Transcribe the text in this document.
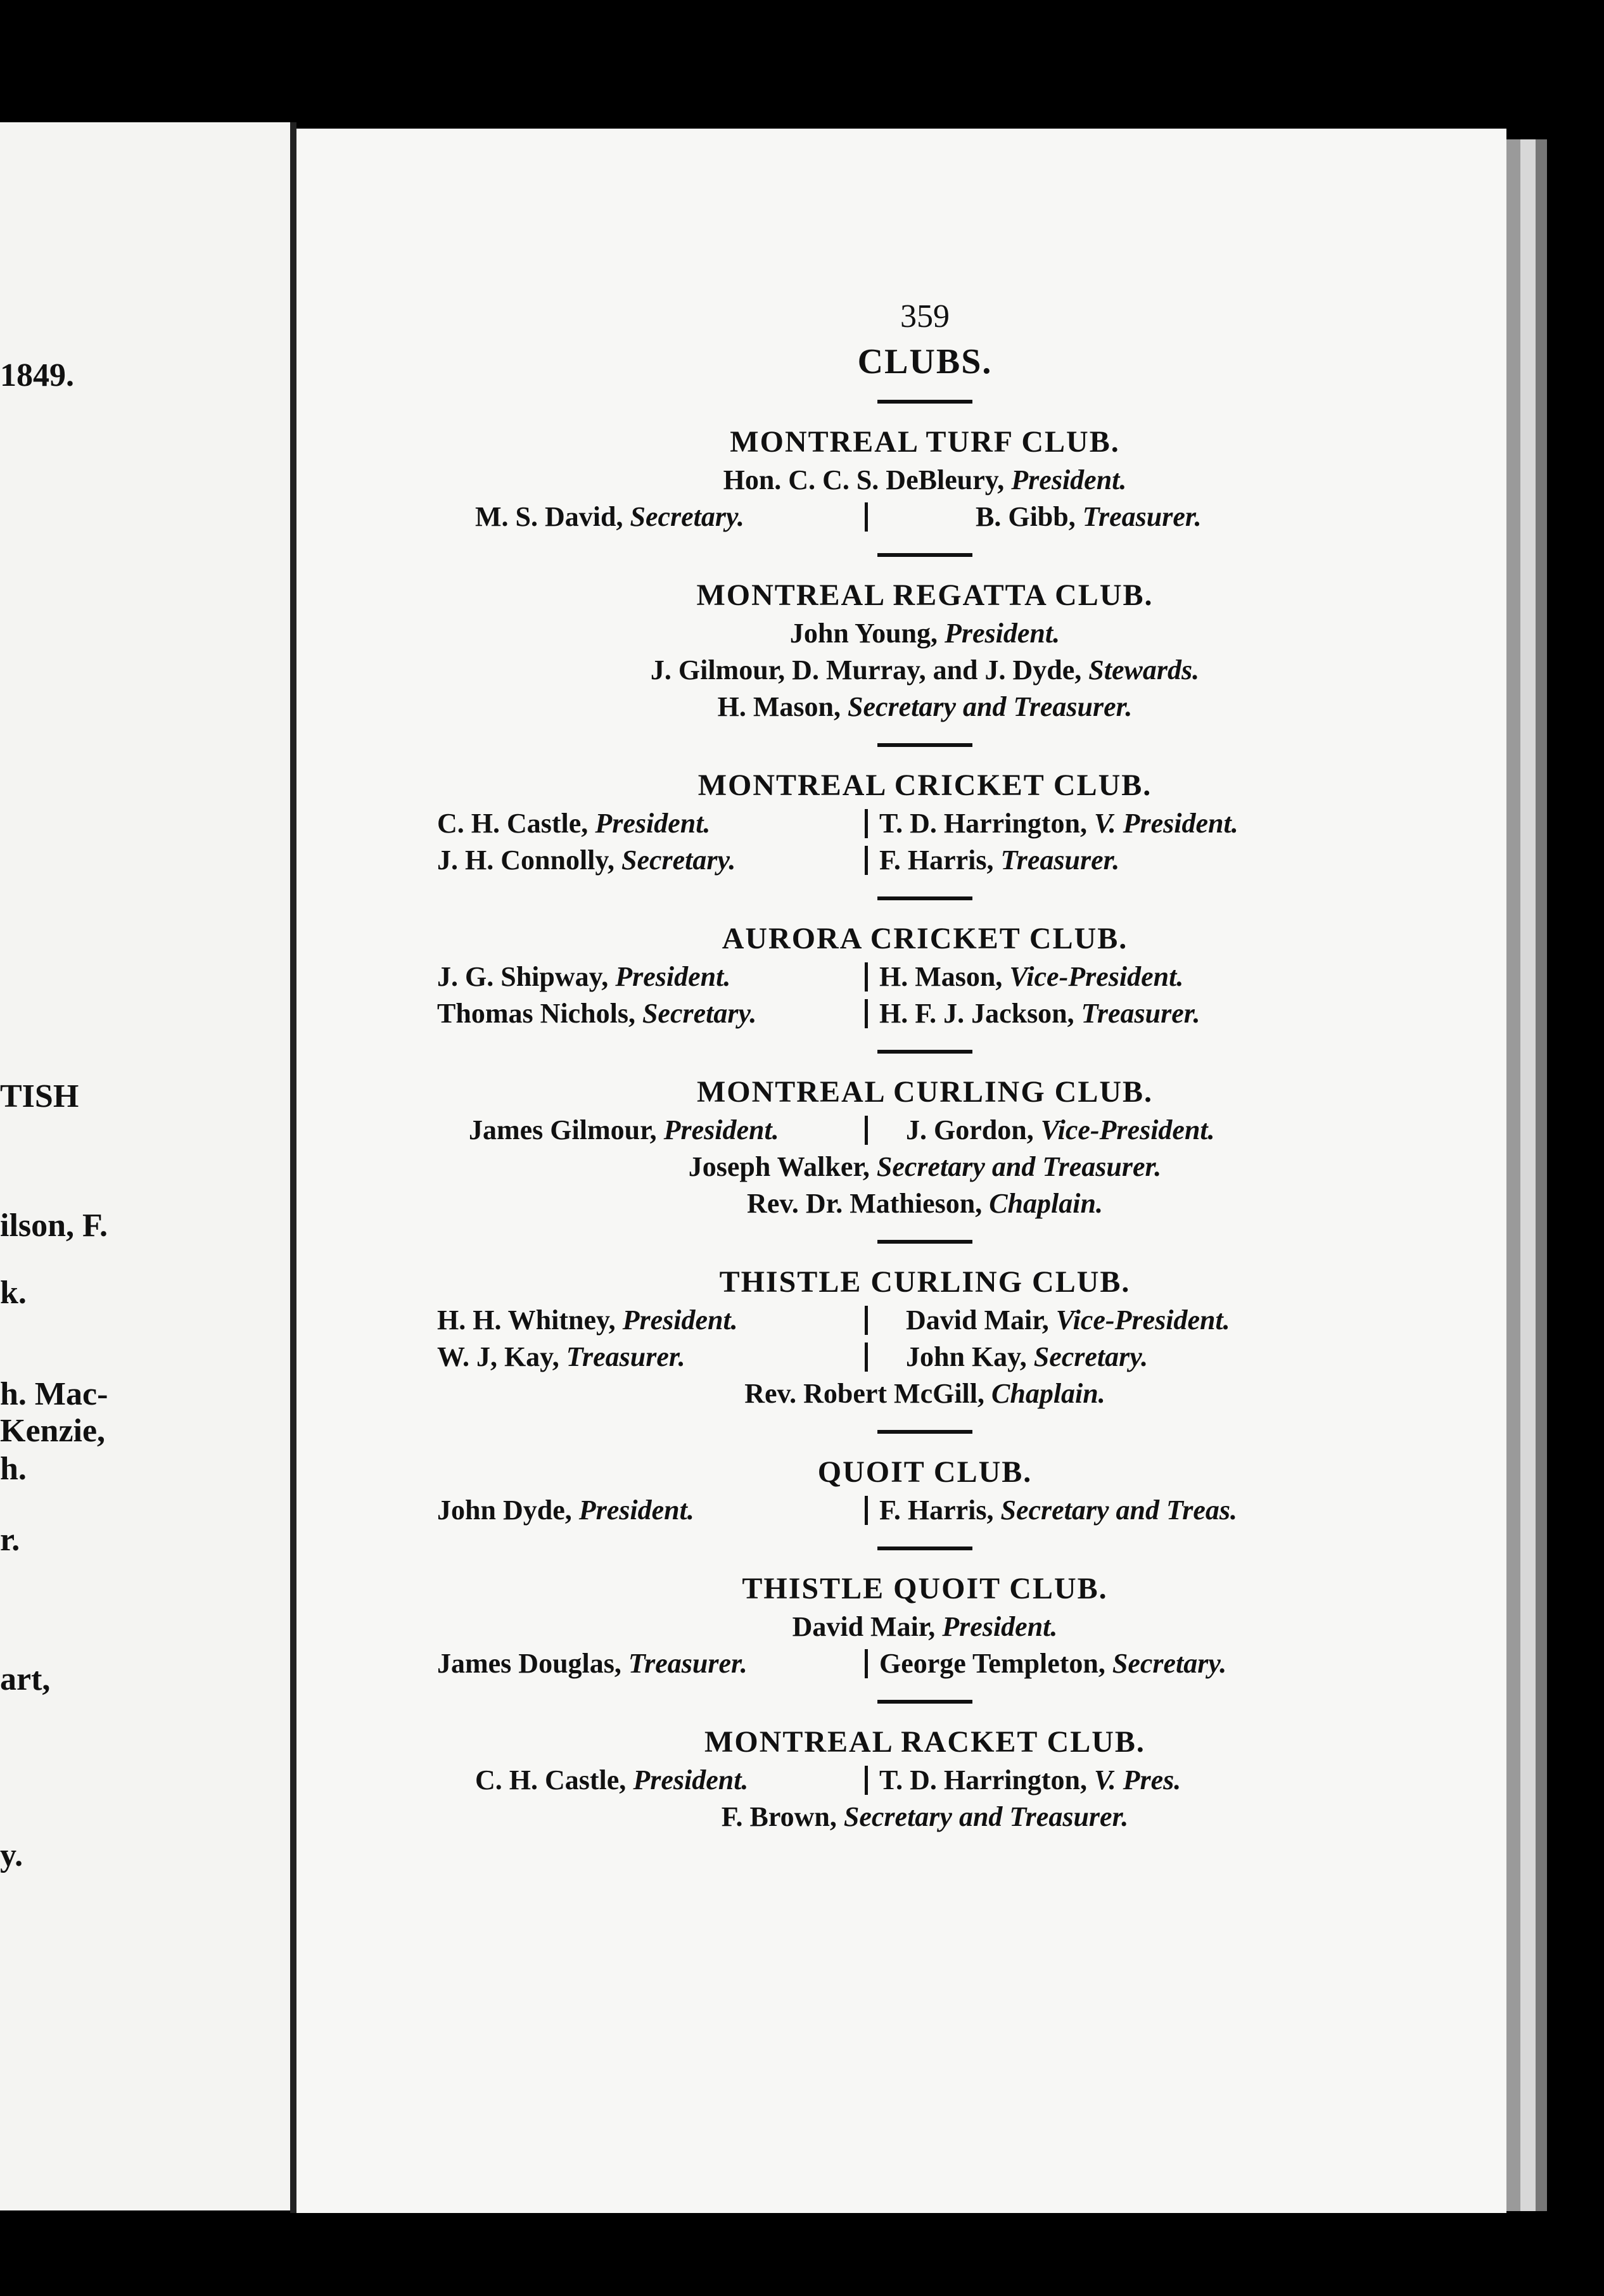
1849.
TISH
ilson, F.
k.
h. Mac-
Kenzie,
h.
r.
art,
y.
359
CLUBS.
MONTREAL TURF CLUB.
Hon. C. C. S. DeBleury, President.
M. S. David, Secretary.	B. Gibb, Treasurer.
MONTREAL REGATTA CLUB.
John Young, President.
J. Gilmour, D. Murray, and J. Dyde, Stewards.
H. Mason, Secretary and Treasurer.
MONTREAL CRICKET CLUB.
C. H. Castle, President.	T. D. Harrington, V. President.
J. H. Connolly, Secretary.	F. Harris, Treasurer.
AURORA CRICKET CLUB.
J. G. Shipway, President.	H. Mason, Vice-President.
Thomas Nichols, Secretary.	H. F. J. Jackson, Treasurer.
MONTREAL CURLING CLUB.
James Gilmour, President.	J. Gordon, Vice-President.
Joseph Walker, Secretary and Treasurer.
Rev. Dr. Mathieson, Chaplain.
THISTLE CURLING CLUB.
H. H. Whitney, President.	David Mair, Vice-President.
W. J, Kay, Treasurer.	John Kay, Secretary.
Rev. Robert McGill, Chaplain.
QUOIT CLUB.
John Dyde, President.	F. Harris, Secretary and Treas.
THISTLE QUOIT CLUB.
David Mair, President.
James Douglas, Treasurer.	George Templeton, Secretary.
MONTREAL RACKET CLUB.
C. H. Castle, President.	T. D. Harrington, V. Pres.
F. Brown, Secretary and Treasurer.
